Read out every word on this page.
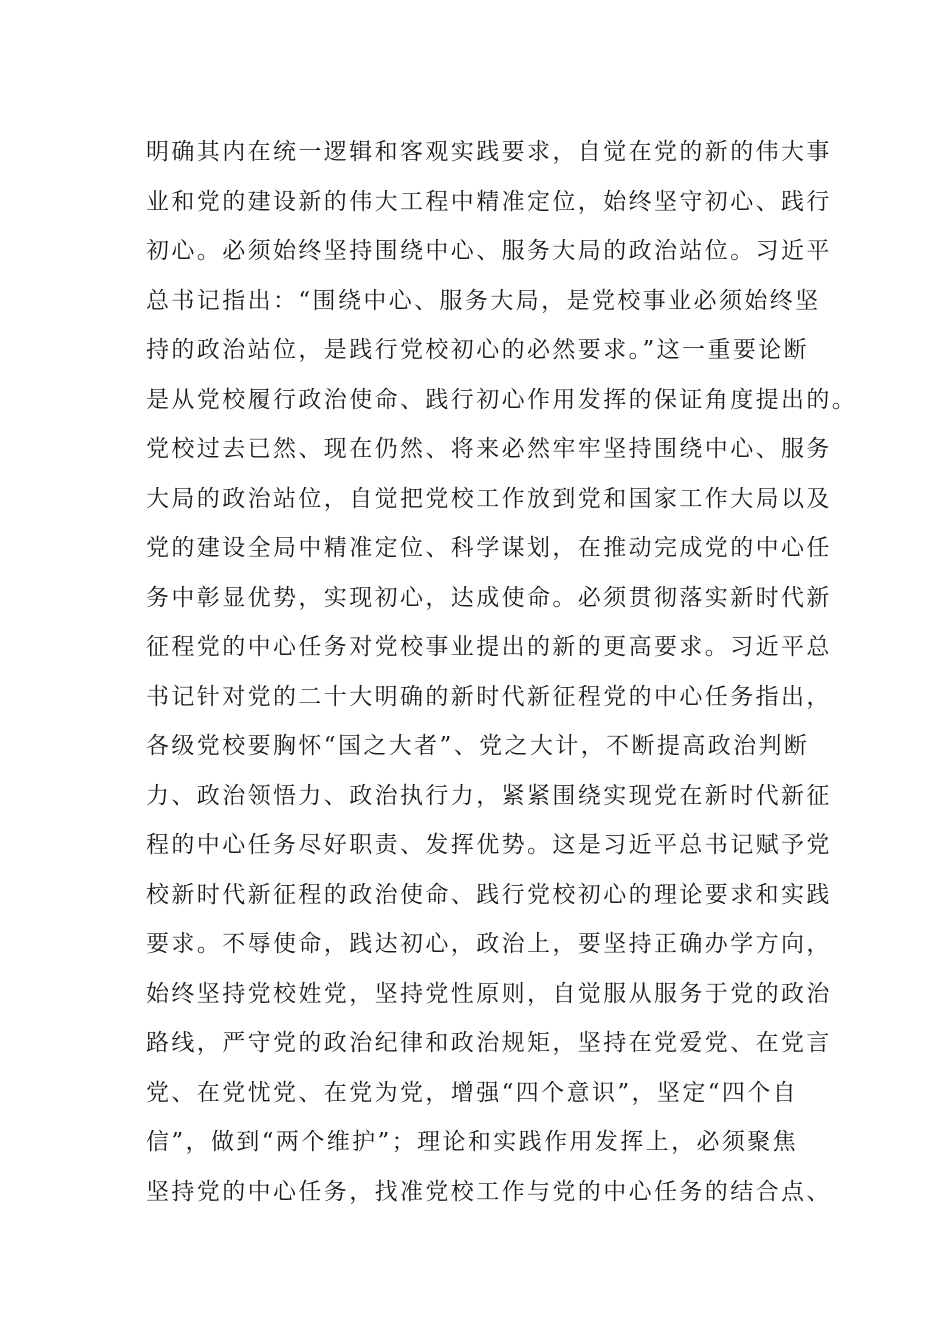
明确其内在统一逻辑和客观实践要求，自觉在党的新的伟大事
业和党的建设新的伟大工程中精准定位，始终坚守初心、践行
初心。必须始终坚持围绕中心、服务大局的政治站位。习近平
总书记指出：“围绕中心、服务大局，是党校事业必须始终坚
持的政治站位，是践行党校初心的必然要求。”这一重要论断
是从党校履行政治使命、践行初心作用发挥的保证角度提出的。
党校过去已然、现在仍然、将来必然牢牢坚持围绕中心、服务
大局的政治站位，自觉把党校工作放到党和国家工作大局以及
党的建设全局中精准定位、科学谋划，在推动完成党的中心任
务中彰显优势，实现初心，达成使命。必须贯彻落实新时代新
征程党的中心任务对党校事业提出的新的更高要求。习近平总
书记针对党的二十大明确的新时代新征程党的中心任务指出，
各级党校要胸怀“国之大者”、党之大计，不断提高政治判断
力、政治领悟力、政治执行力，紧紧围绕实现党在新时代新征
程的中心任务尽好职责、发挥优势。这是习近平总书记赋予党
校新时代新征程的政治使命、践行党校初心的理论要求和实践
要求。不辱使命，践达初心，政治上，要坚持正确办学方向，
始终坚持党校姓党，坚持党性原则，自觉服从服务于党的政治
路线，严守党的政治纪律和政治规矩，坚持在党爱党、在党言
党、在党忧党、在党为党，增强“四个意识”，坚定“四个自
信”，做到“两个维护”；理论和实践作用发挥上，必须聚焦
坚持党的中心任务，找准党校工作与党的中心任务的结合点、
